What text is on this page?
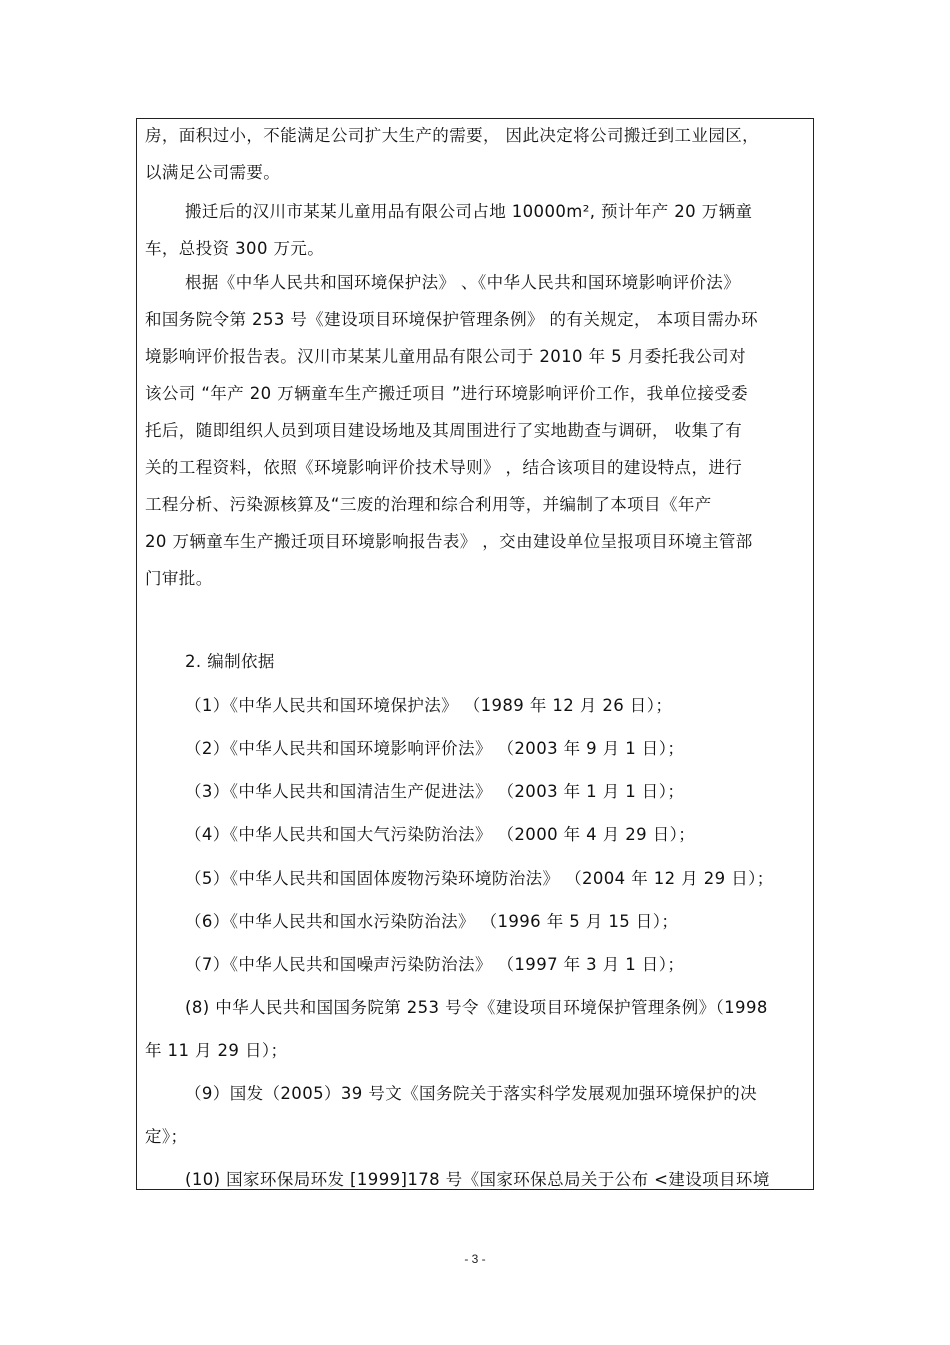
房，面积过小，不能满足公司扩大生产的需要， 因此决定将公司搬迁到工业园区，
以满足公司需要。
搬迁后的汉川市某某儿童用品有限公司占地 10000m², 预计年产 20 万辆童
车，总投资 300 万元。
根据《中华人民共和国环境保护法》 、《中华人民共和国环境影响评价法》
和国务院令第 253 号《建设项目环境保护管理条例》 的有关规定， 本项目需办环
境影响评价报告表。汉川市某某儿童用品有限公司于 2010 年 5 月委托我公司对
该公司 “年产 20 万辆童车生产搬迁项目 ”进行环境影响评价工作，我单位接受委
托后，随即组织人员到项目建设场地及其周围进行了实地勘查与调研， 收集了有
关的工程资料，依照《环境影响评价技术导则》 ，结合该项目的建设特点，进行
工程分析、污染源核算及“三废的治理和综合利用等，并编制了本项目《年产
20 万辆童车生产搬迁项目环境影响报告表》 ，交由建设单位呈报项目环境主管部
门审批。
2. 编制依据
（1）《中华人民共和国环境保护法》 （1989 年 12 月 26 日）；
（2）《中华人民共和国环境影响评价法》 （2003 年 9 月 1 日）；
（3）《中华人民共和国清洁生产促进法》 （2003 年 1 月 1 日）；
（4）《中华人民共和国大气污染防治法》 （2000 年 4 月 29 日）；
（5）《中华人民共和国固体废物污染环境防治法》 （2004 年 12 月 29 日）；
（6）《中华人民共和国水污染防治法》 （1996 年 5 月 15 日）；
（7）《中华人民共和国噪声污染防治法》 （1997 年 3 月 1 日）；
(8) 中华人民共和国国务院第 253 号令《建设项目环境保护管理条例》（1998
年 11 月 29 日）；
（9）国发（2005）39 号文《国务院关于落实科学发展观加强环境保护的决
定》；
(10) 国家环保局环发 [1999]178 号《国家环保总局关于公布 <建设项目环境
- 3 -
